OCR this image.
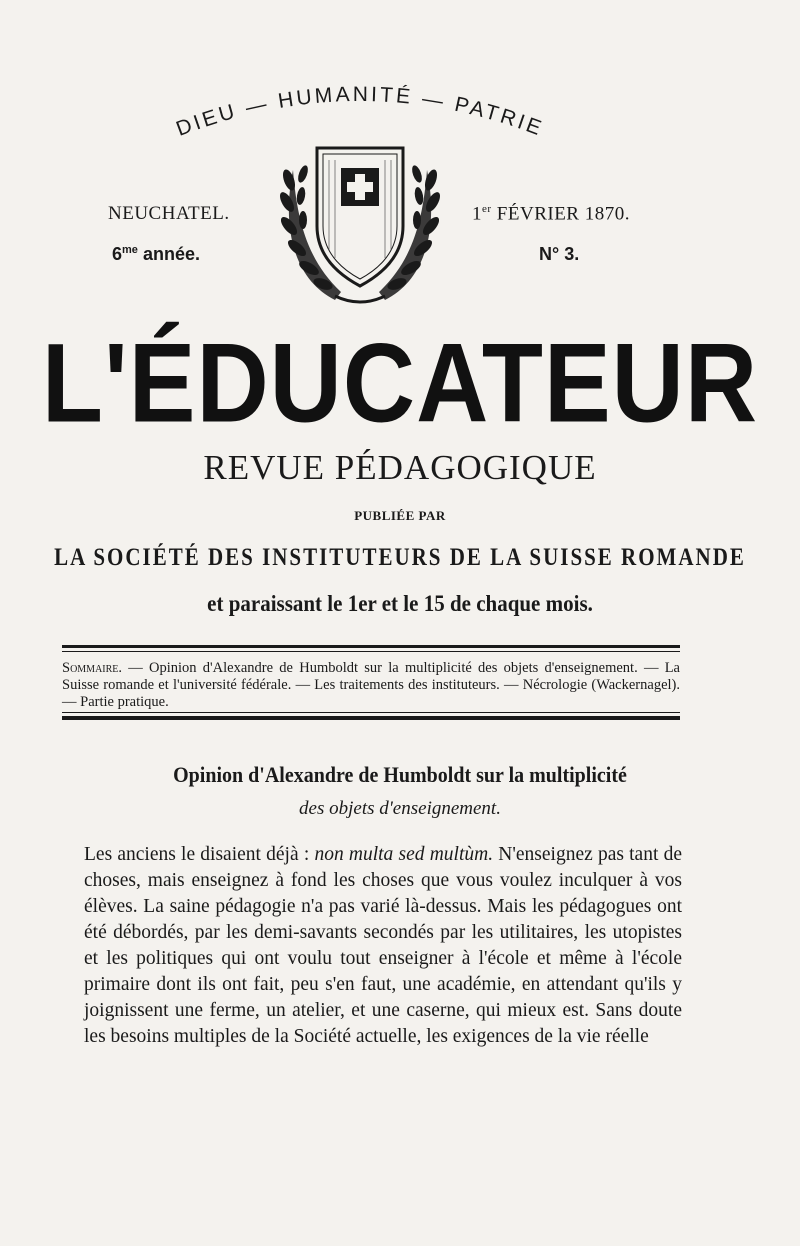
DIEU — HUMANITÉ — PATRIE
NEUCHATEL.
$6^{me}$ année.
1er FÉVRIER 1870.
N° 3.
L'ÉDUCATEUR
REVUE PÉDAGOGIQUE
PUBLIÉE PAR
LA SOCIÉTÉ DES INSTITUTEURS DE LA SUISSE ROMANDE
et paraissant le 1er et le 15 de chaque mois.
Sommaire. — Opinion d'Alexandre de Humboldt sur la multiplicité des objets d'enseignement. — La Suisse romande et l'université fédérale. — Les traitements des instituteurs. — Nécrologie (Wackernagel). — Partie pratique.
Opinion d'Alexandre de Humboldt sur la multiplicité
des objets d'enseignement.

Les anciens le disaient déjà : non multa sed multùm. N'enseignez pas tant de choses, mais enseignez à fond les choses que vous voulez inculquer à vos élèves. La saine pédagogie n'a pas varié là-dessus. Mais les pédagogues ont été débordés, par les demi-savants secondés par les utilitaires, les utopistes et les politiques qui ont voulu tout enseigner à l'école et même à l'école primaire dont ils ont fait, peu s'en faut, une académie, en attendant qu'ils y joignissent une ferme, un atelier, et une caserne, qui mieux est. Sans doute les besoins multiples de la Société actuelle, les exigences de la vie réelle
